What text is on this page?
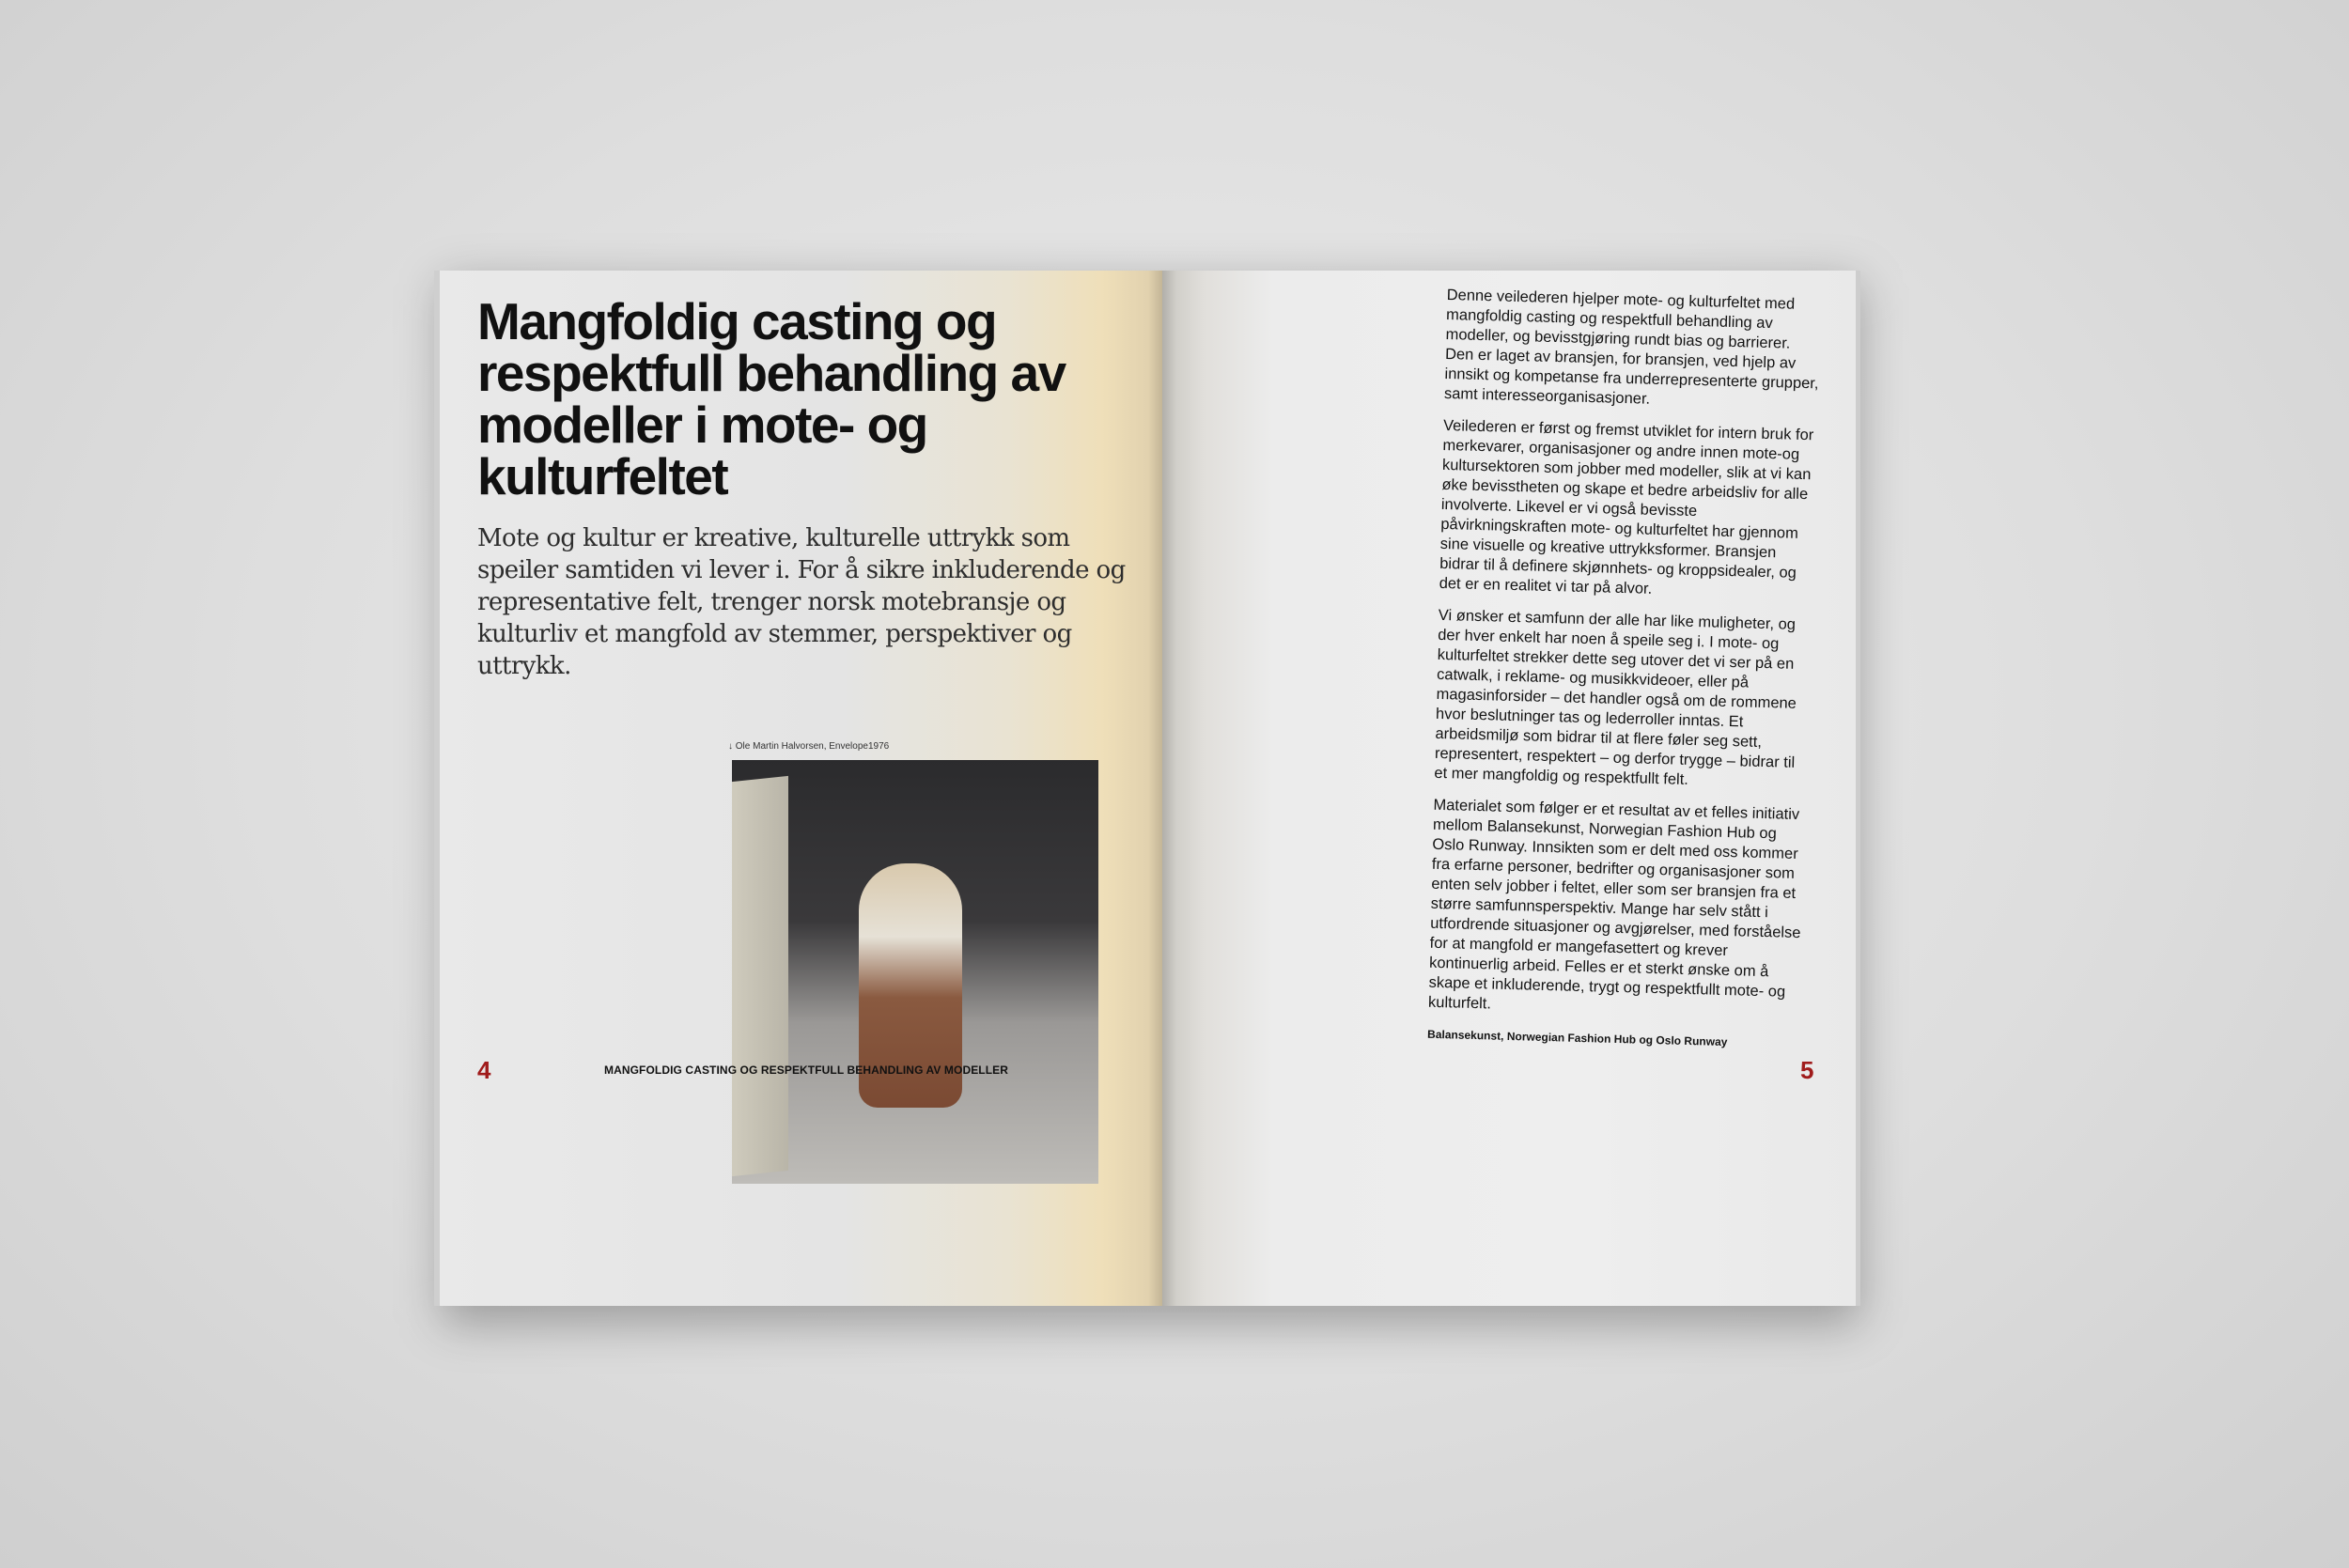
Mangfoldig casting og respektfull behandling av modeller i mote- og kulturfeltet

Mote og kultur er kreative, kulturelle uttrykk som speiler samtiden vi lever i. For å sikre inkluderende og representative felt, trenger norsk motebransje og kulturliv et mangfold av stemmer, perspektiver og uttrykk.

↓ Ole Martin Halvorsen, Envelope1976

4	MANGFOLDIG CASTING OG RESPEKTFULL BEHANDLING AV MODELLER

Denne veilederen hjelper mote- og kulturfeltet med mangfoldig casting og respektfull behandling av modeller, og bevisstgjøring rundt bias og barrierer. Den er laget av bransjen, for bransjen, ved hjelp av innsikt og kompetanse fra underrepresenterte grupper, samt interesseorganisasjoner.

Veilederen er først og fremst utviklet for intern bruk for merkevarer, organisasjoner og andre innen mote-og kultursektoren som jobber med modeller, slik at vi kan øke bevisstheten og skape et bedre arbeidsliv for alle involverte. Likevel er vi også bevisste påvirkningskraften mote- og kulturfeltet har gjennom sine visuelle og kreative uttrykksformer. Bransjen bidrar til å definere skjønnhets- og kroppsidealer, og det er en realitet vi tar på alvor.

Vi ønsker et samfunn der alle har like muligheter, og der hver enkelt har noen å speile seg i. I mote- og kulturfeltet strekker dette seg utover det vi ser på en catwalk, i reklame- og musikkvideoer, eller på magasinforsider – det handler også om de rommene hvor beslutninger tas og lederroller inntas. Et arbeidsmiljø som bidrar til at flere føler seg sett, representert, respektert – og derfor trygge – bidrar til et mer mangfoldig og respektfullt felt.

Materialet som følger er et resultat av et felles initiativ mellom Balansekunst, Norwegian Fashion Hub og Oslo Runway. Innsikten som er delt med oss kommer fra erfarne personer, bedrifter og organisasjoner som enten selv jobber i feltet, eller som ser bransjen fra et større samfunnsperspektiv. Mange har selv stått i utfordrende situasjoner og avgjørelser, med forståelse for at mangfold er mangefasettert og krever kontinuerlig arbeid. Felles er et sterkt ønske om å skape et inkluderende, trygt og respektfullt mote- og kulturfelt.

Balansekunst, Norwegian Fashion Hub og Oslo Runway

5
